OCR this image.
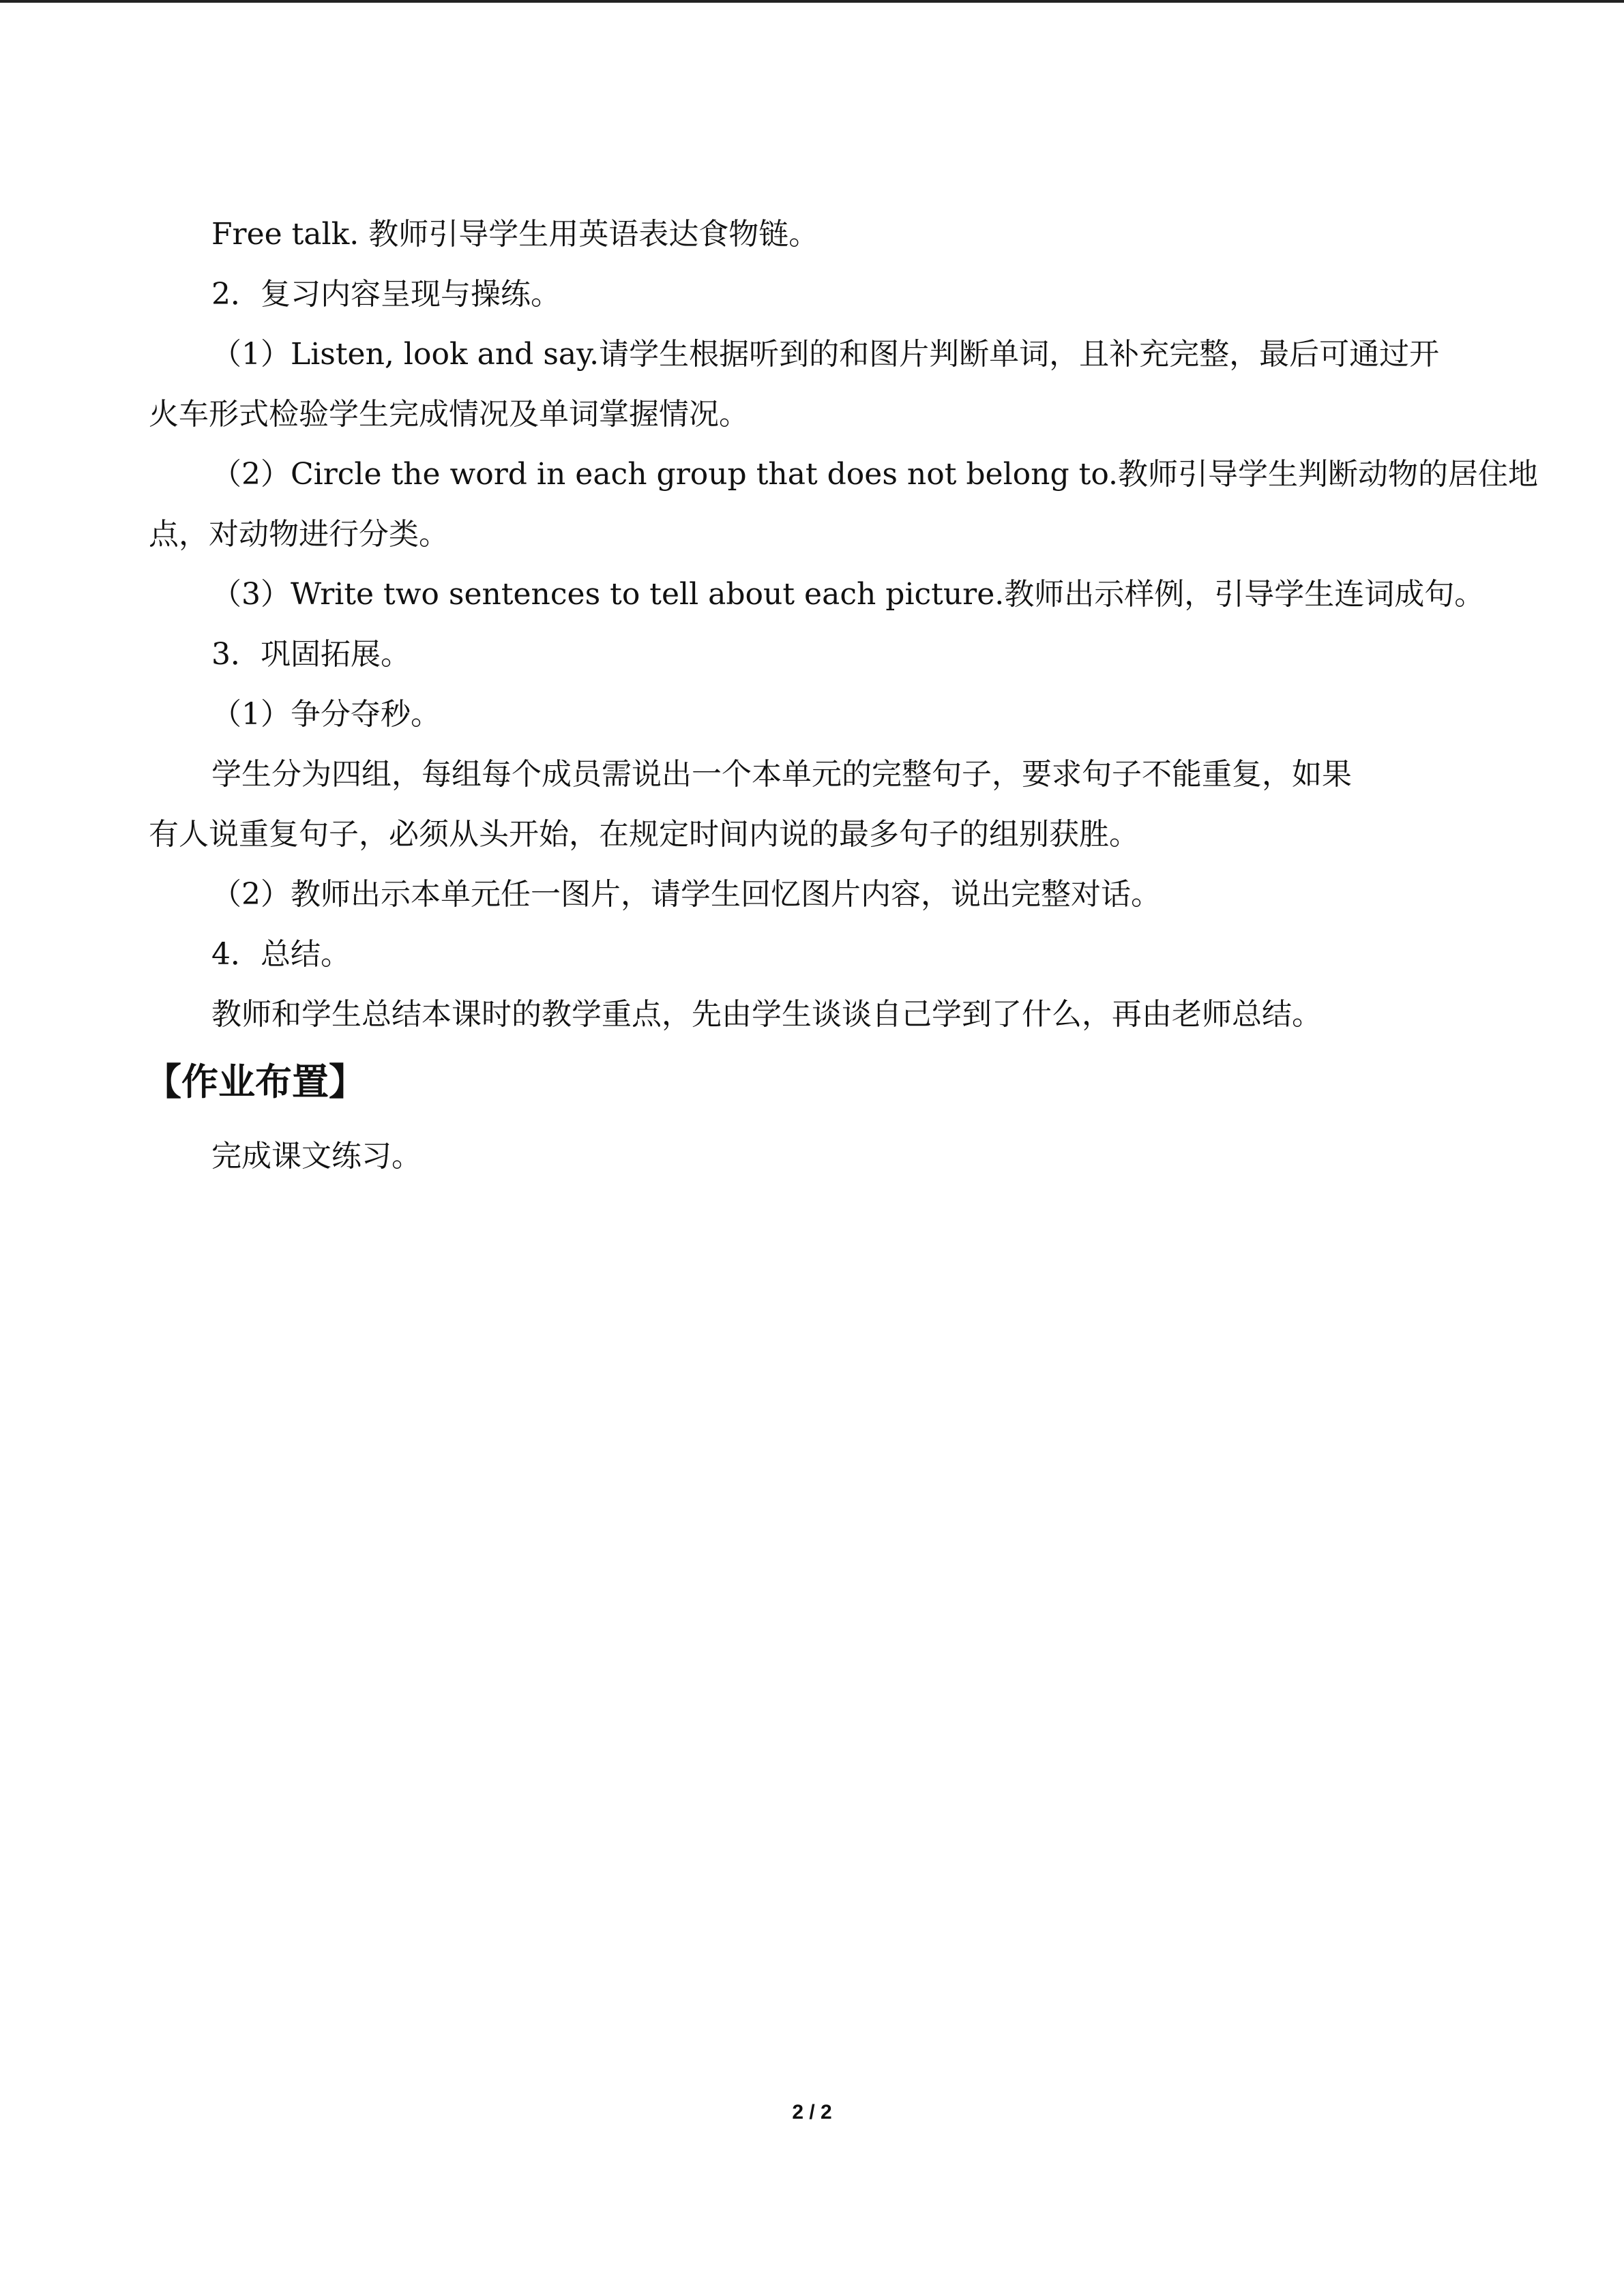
Free talk. 教师引导学生用英语表达食物链。

2．复习内容呈现与操练。

（1）Listen, look and say.请学生根据听到的和图片判断单词，且补充完整，最后可通过开

火车形式检验学生完成情况及单词掌握情况。

（2）Circle the word in each group that does not belong to.教师引导学生判断动物的居住地

点，对动物进行分类。

（3）Write two sentences to tell about each picture.教师出示样例，引导学生连词成句。

3．巩固拓展。

（1）争分夺秒。

学生分为四组，每组每个成员需说出一个本单元的完整句子，要求句子不能重复，如果

有人说重复句子，必须从头开始，在规定时间内说的最多句子的组别获胜。

（2）教师出示本单元任一图片，请学生回忆图片内容，说出完整对话。

4．总结。

教师和学生总结本课时的教学重点，先由学生谈谈自己学到了什么，再由老师总结。

【作业布置】

完成课文练习。

2 / 2
